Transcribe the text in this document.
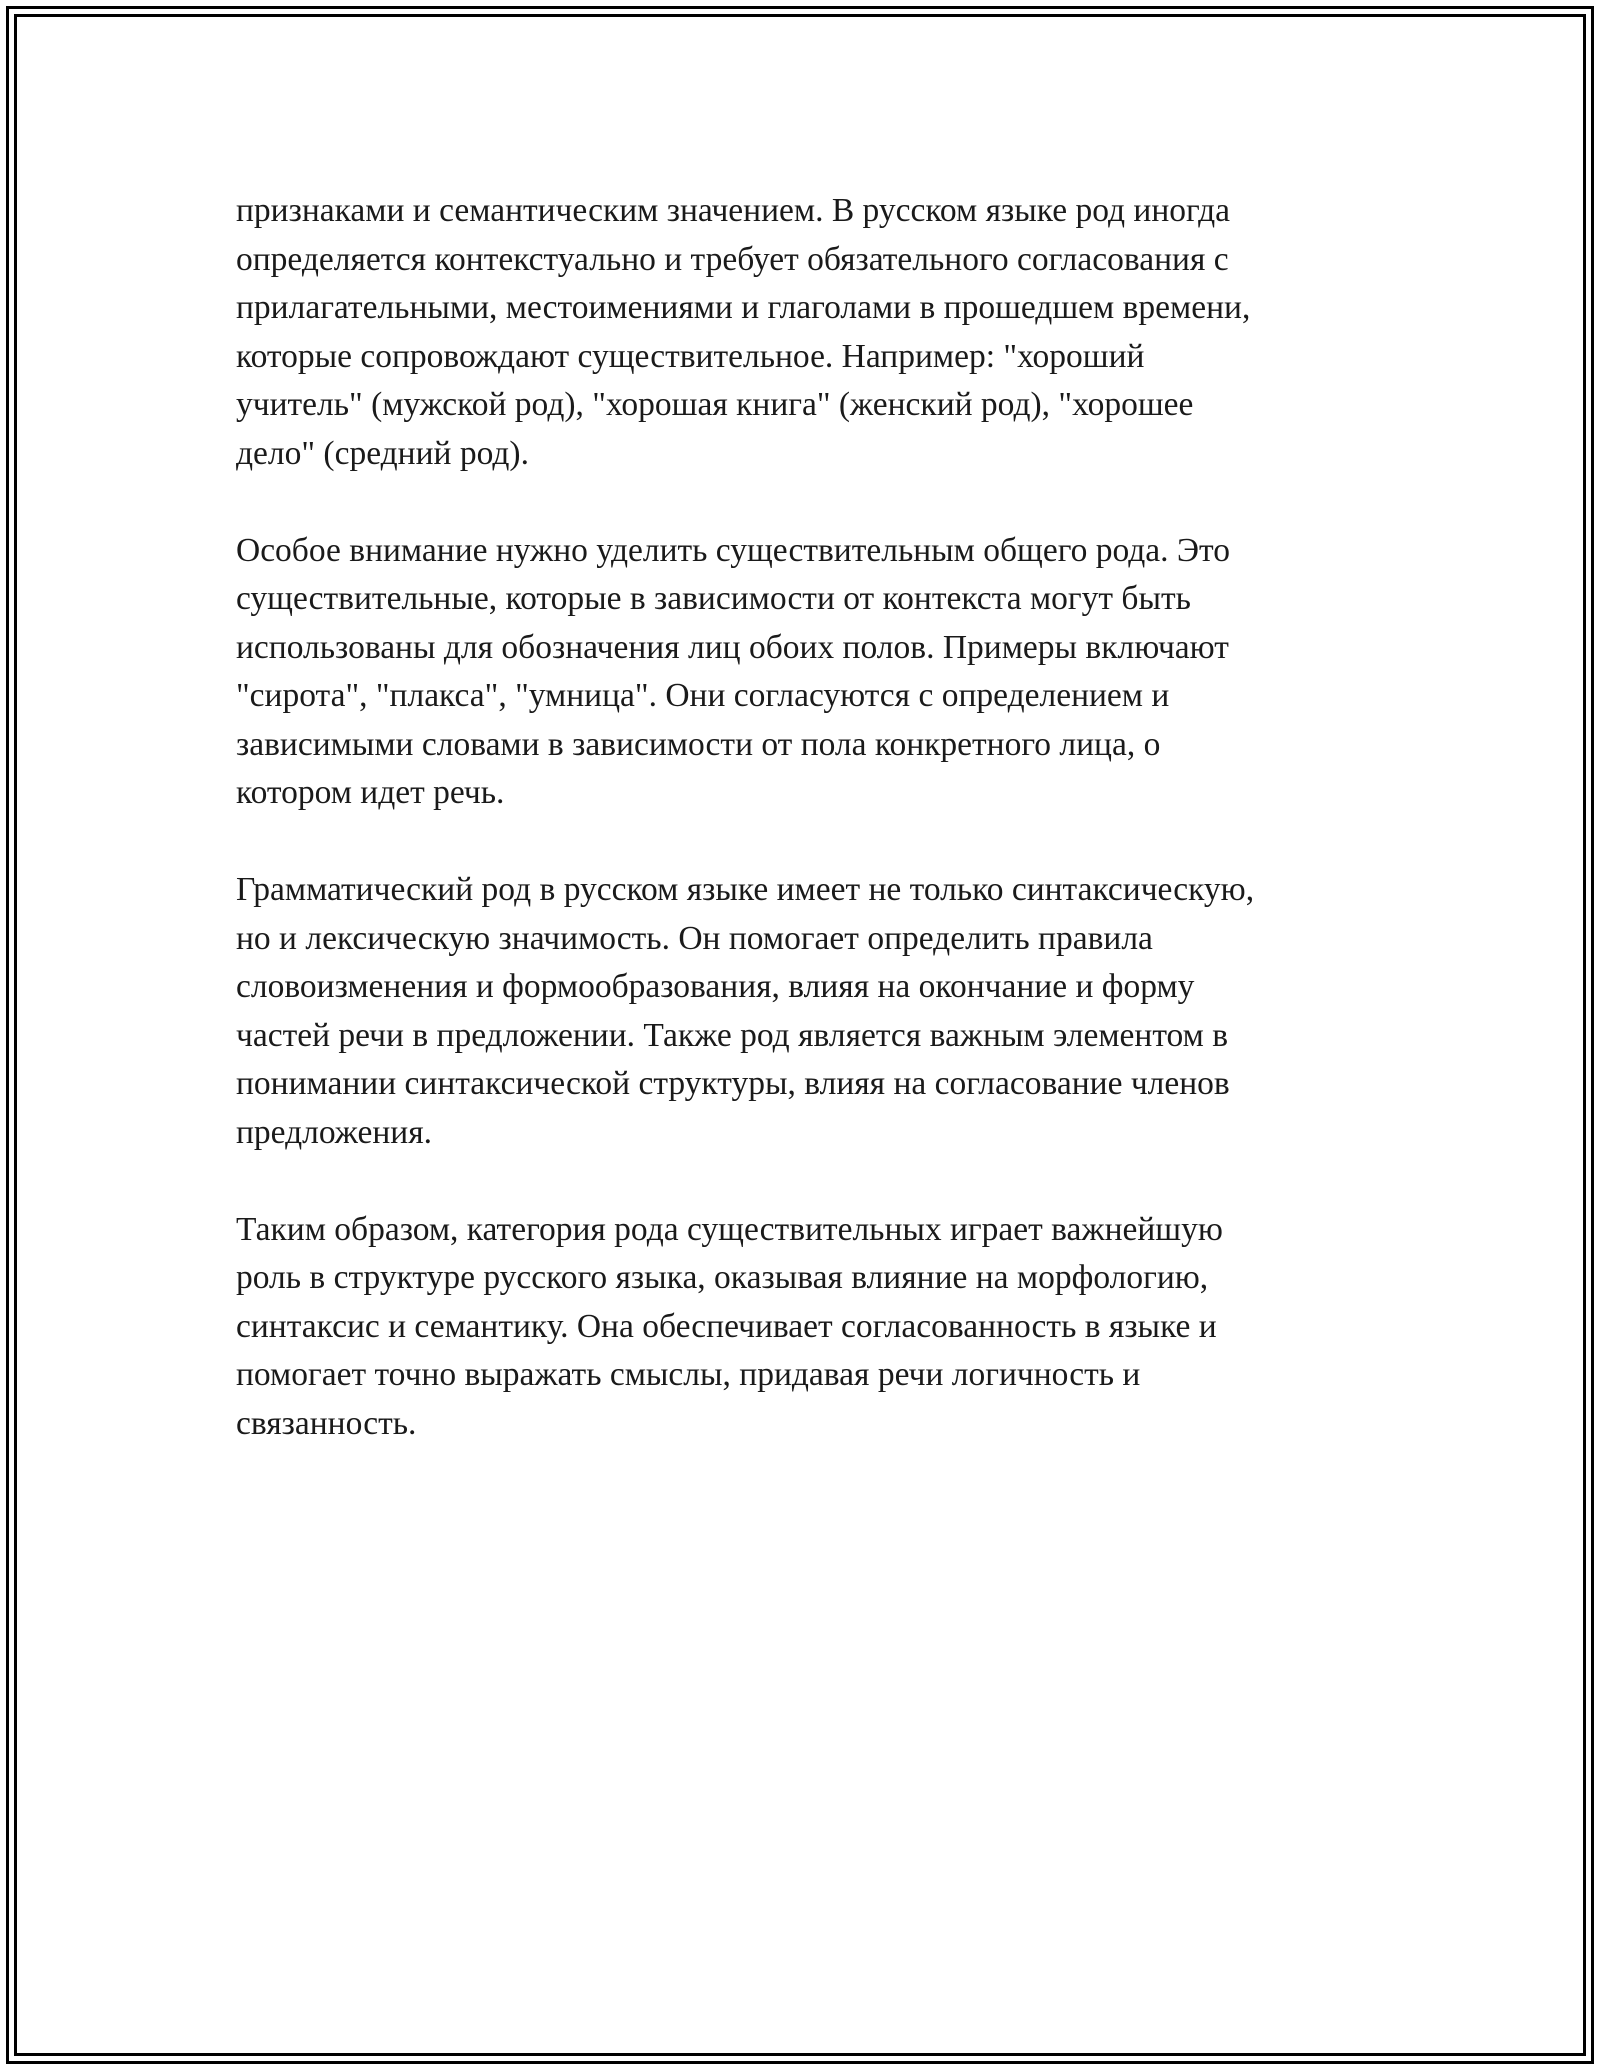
признаками и семантическим значением. В русском языке род иногда
определяется контекстуально и требует обязательного согласования с
прилагательными, местоимениями и глаголами в прошедшем времени,
которые сопровождают существительное. Например: "хороший
учитель" (мужской род), "хорошая книга" (женский род), "хорошее
дело" (средний род).

Особое внимание нужно уделить существительным общего рода. Это
существительные, которые в зависимости от контекста могут быть
использованы для обозначения лиц обоих полов. Примеры включают
"сирота", "плакса", "умница". Они согласуются с определением и
зависимыми словами в зависимости от пола конкретного лица, о
котором идет речь.

Грамматический род в русском языке имеет не только синтаксическую,
но и лексическую значимость. Он помогает определить правила
словоизменения и формообразования, влияя на окончание и форму
частей речи в предложении. Также род является важным элементом в
понимании синтаксической структуры, влияя на согласование членов
предложения.

Таким образом, категория рода существительных играет важнейшую
роль в структуре русского языка, оказывая влияние на морфологию,
синтаксис и семантику. Она обеспечивает согласованность в языке и
помогает точно выражать смыслы, придавая речи логичность и
связанность.
